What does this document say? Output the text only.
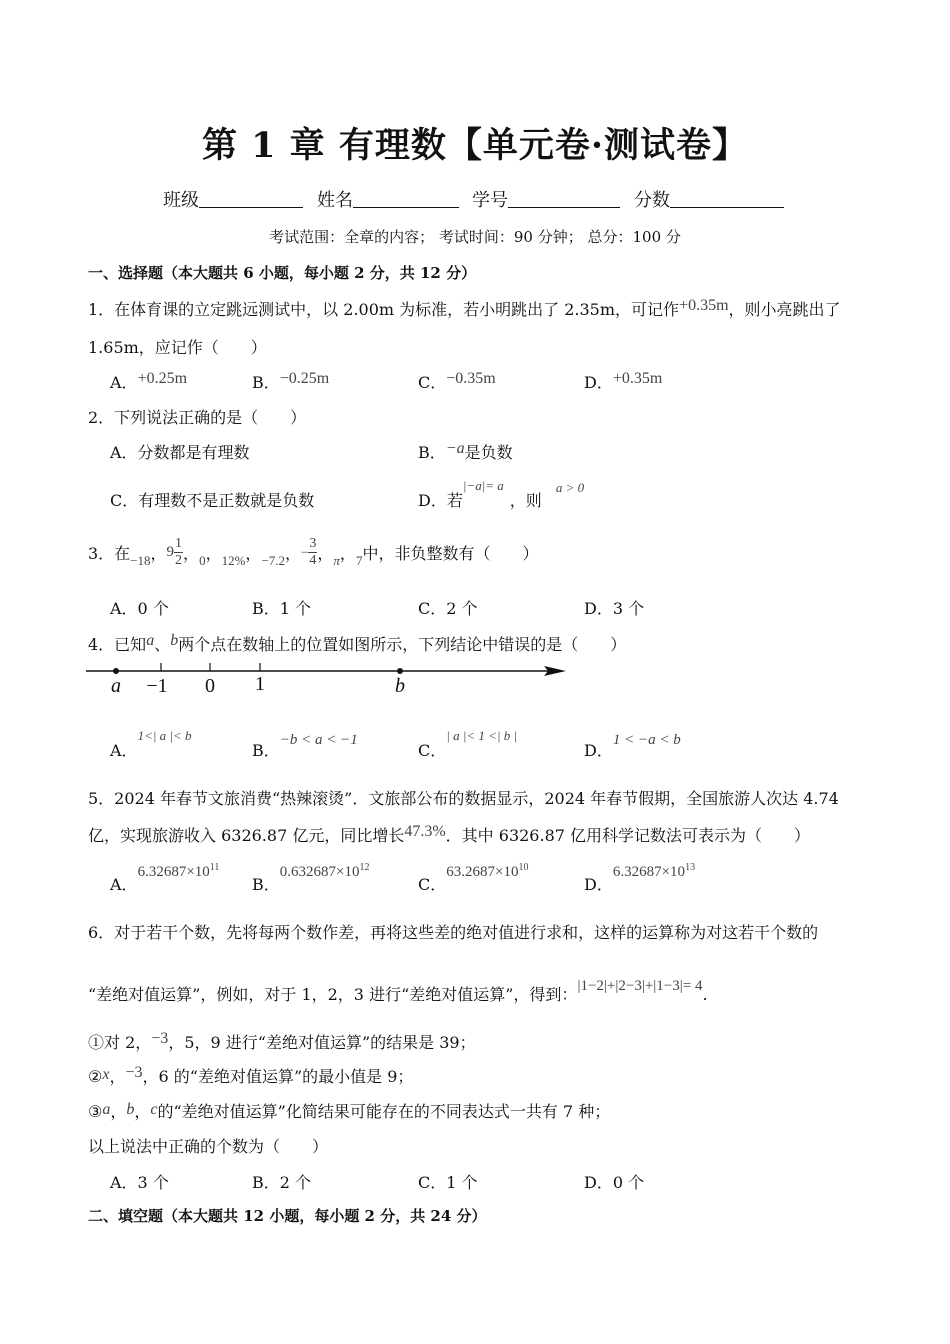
第 1 章 有理数【单元卷·测试卷】
班级	姓名	学号	分数
考试范围：全章的内容； 考试时间：90 分钟； 总分：100 分
一、选择题（本大题共 6 小题，每小题 2 分，共 12 分）
1．在体育课的立定跳远测试中，以 2.00m 为标准，若小明跳出了 2.35m，可记作+0.35m，则小亮跳出了
1.65m，应记作（　　）
A．+0.25m	B．−0.25m	C．−0.35m	D．+0.35m
2．下列说法正确的是（　　）
A．分数都是有理数	B．−a是负数
C．有理数不是正数就是负数	D．若$^{|-a|= a}$，则$^{a > 0}$
3．在$_{-18}$，$9 \frac{1}{2}$ ，$_0$，$_{12\%}$，$_{-7.2}$，− $\frac{3}{4}$ ，$_\pi$，$_7$中，非负整数有（　　）
A．0 个	B．1 个	C．2 个	D．3 个
4．已知a、b两个点在数轴上的位置如图所示，下列结论中错误的是（　　）
a −1 0 1	b
A．$^{1<| a |< b}$
B．−b < a < −1
C．$^{| a |< 1 <| b |}$
D．1 < −a < b
5．2024 年春节文旅消费“热辣滚烫”．文旅部公布的数据显示，2024 年春节假期，全国旅游人次达 4.74
亿，实现旅游收入 6326.87 亿元，同比增长47.3%．其中 6326.87 亿用科学记数法可表示为（　　）
A．$6.32687\times 10^{11}$
B．$0.632687\times 10^{12}$
C．$63.2687\times 10^{10}$
D．$6.32687\times 10^{13}$
6．对于若干个数，先将每两个数作差，再将这些差的绝对值进行求和，这样的运算称为对这若干个数的
“差绝对值运算”，例如，对于 1，2，3 进行“差绝对值运算”，得到：|1−2|+|2−3|+|1−3|= 4.
①对 2，−3，5，9 进行“差绝对值运算”的结果是 39；
②x，−3，6 的“差绝对值运算”的最小值是 9；
③a，b，c的“差绝对值运算”化简结果可能存在的不同表达式一共有 7 种；
以上说法中正确的个数为（　　）
A．3 个	B．2 个	C．1 个	D．0 个
二、填空题（本大题共 12 小题，每小题 2 分，共 24 分）
